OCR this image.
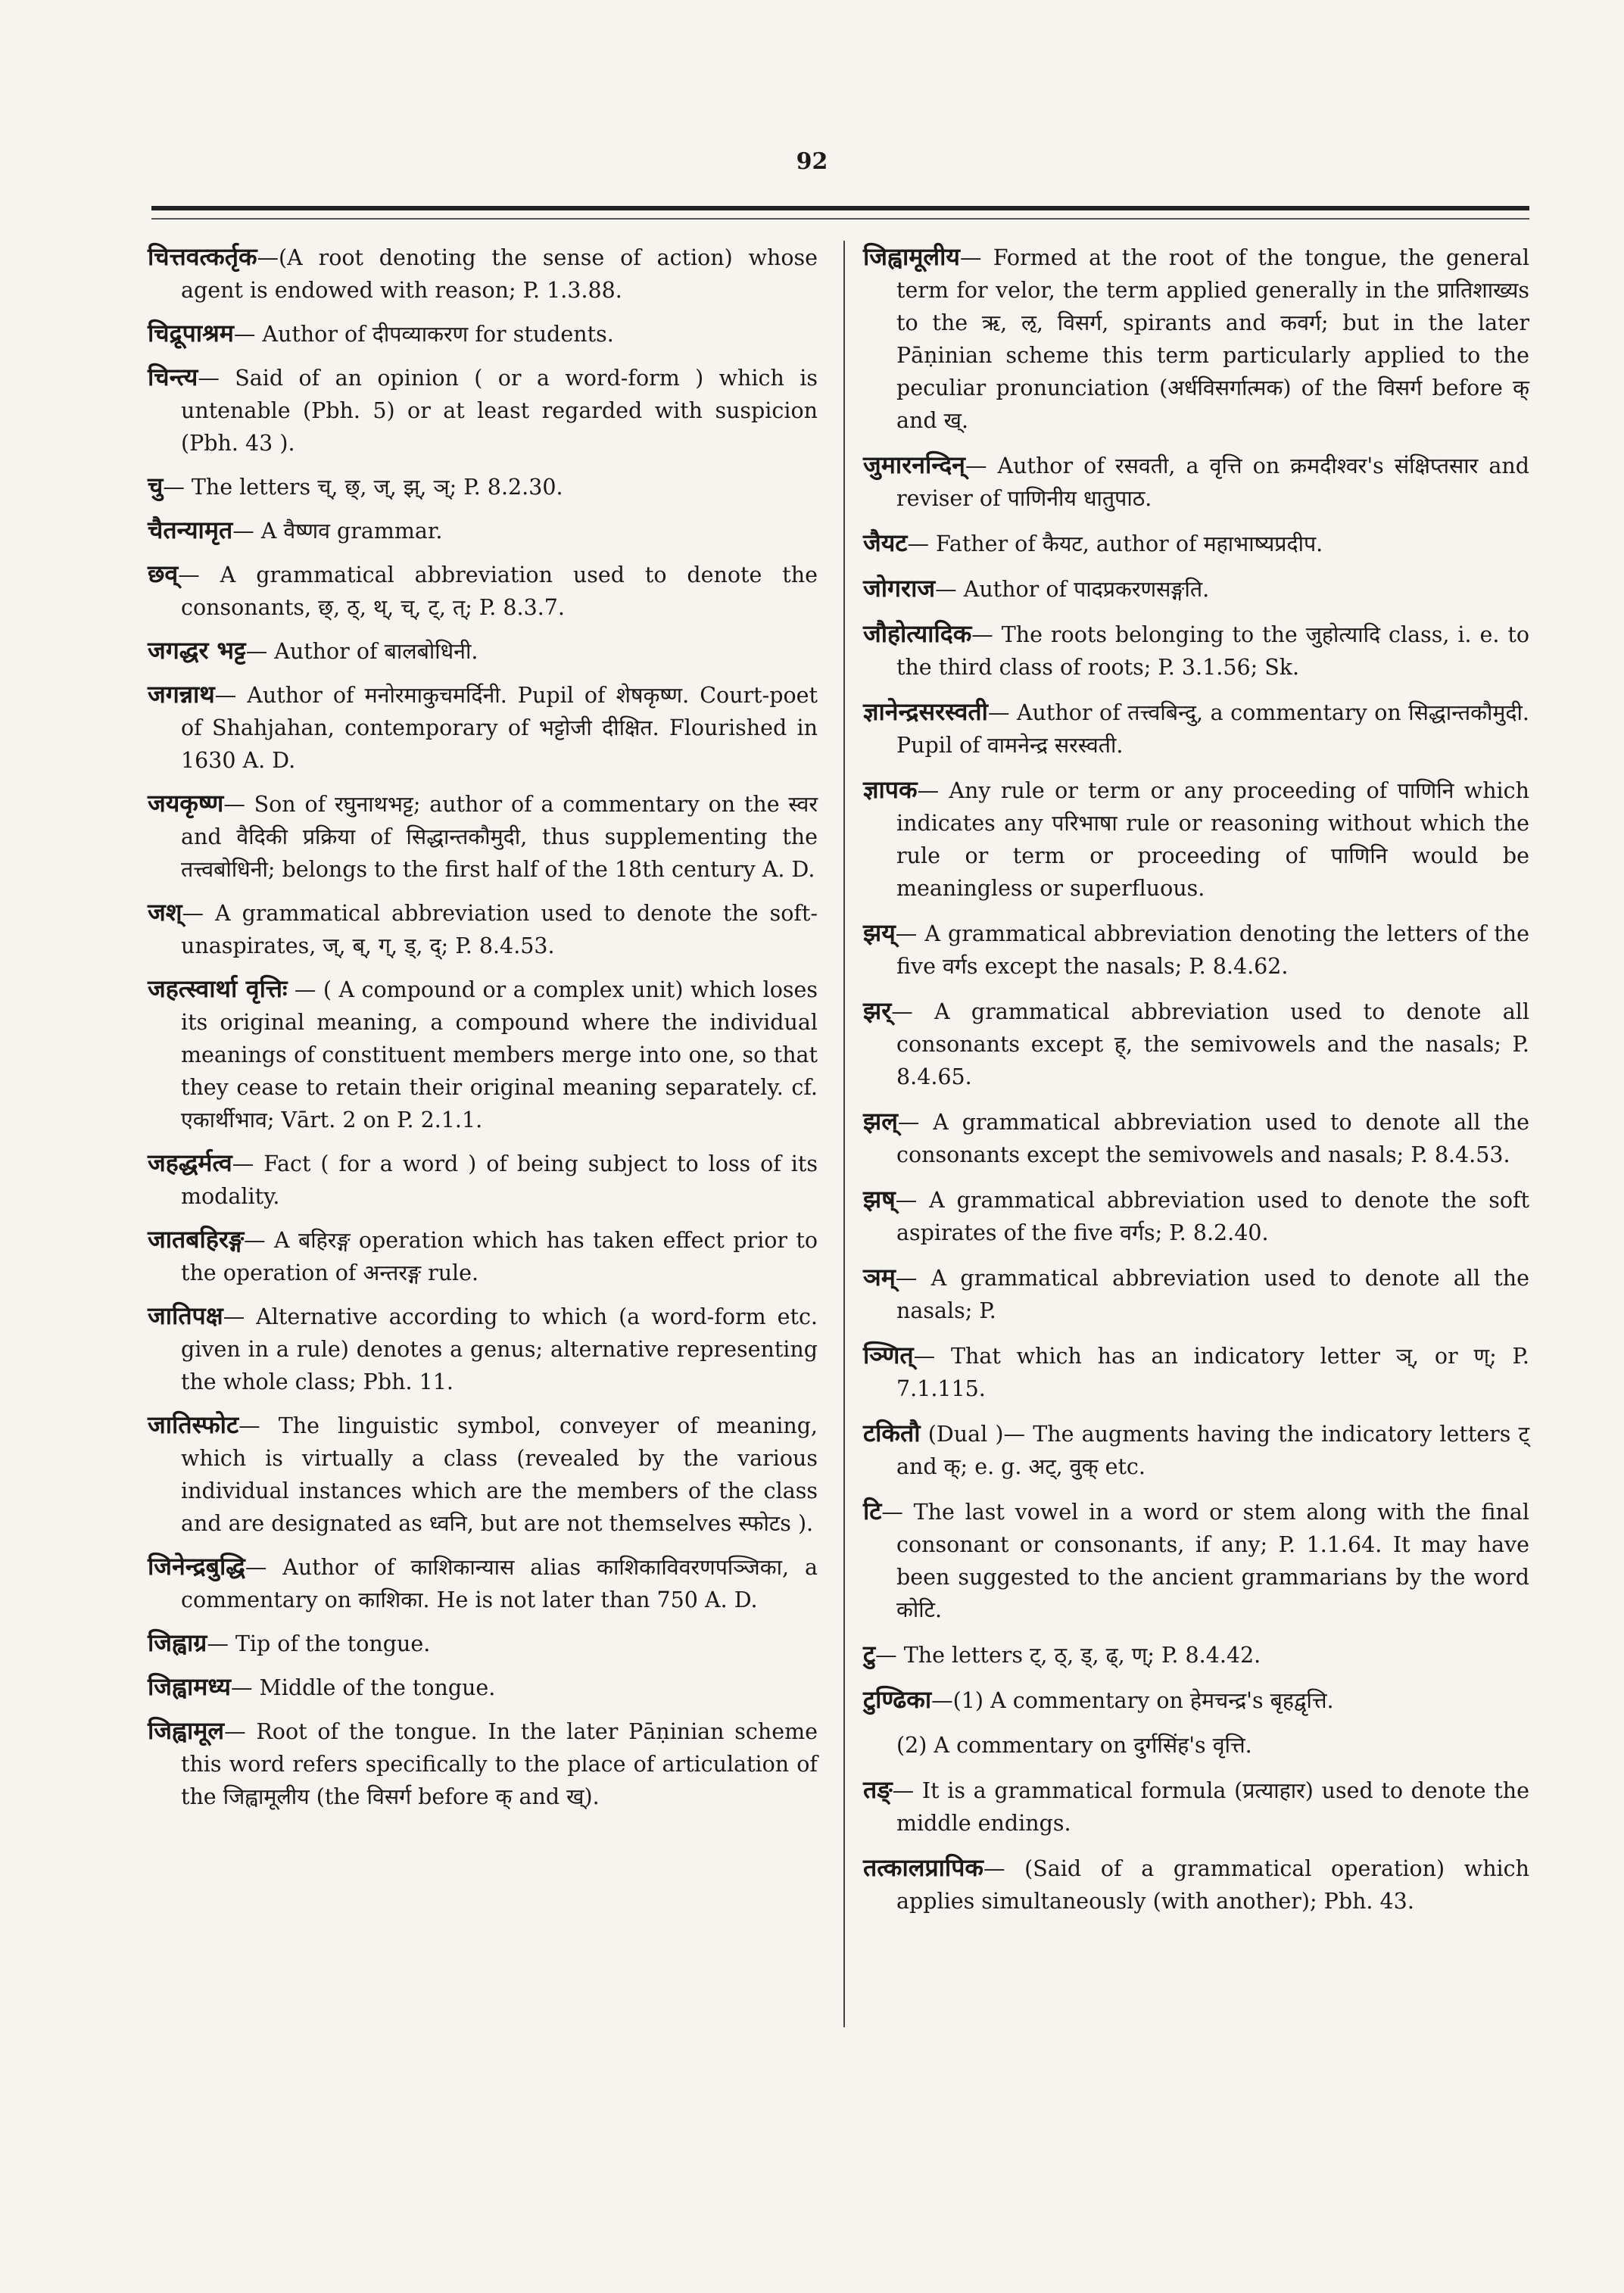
92

चित्तवत्कर्तृक—(A root denoting the sense of action) whose agent is endowed with reason; P. 1.3.88.

चिद्रूपाश्रम— Author of दीपव्याकरण for students.

चिन्त्य— Said of an opinion ( or a word-form ) which is untenable (Pbh. 5) or at least regarded with suspicion (Pbh. 43 ).

चु— The letters च्, छ्, ज्, झ्, ञ्; P. 8.2.30.

चैतन्यामृत— A वैष्णव grammar.

छव्— A grammatical abbreviation used to denote the consonants, छ्, ठ्, थ्, च्, ट्, त्; P. 8.3.7.

जगद्धर भट्ट— Author of बालबोधिनी.

जगन्नाथ— Author of मनोरमाकुचमर्दिनी. Pupil of शेषकृष्ण. Court-poet of Shahjahan, contemporary of भट्टोजी दीक्षित. Flourished in 1630 A. D.

जयकृष्ण— Son of रघुनाथभट्ट; author of a commentary on the स्वर and वैदिकी प्रक्रिया of सिद्धान्तकौमुदी, thus supplementing the तत्त्वबोधिनी; belongs to the first half of the 18th century A. D.

जश्— A grammatical abbreviation used to denote the soft-unaspirates, ज्, ब्, ग्, ड्, द्; P. 8.4.53.

जहत्स्वार्था वृत्तिः — ( A compound or a complex unit) which loses its original meaning, a compound where the individual meanings of constituent members merge into one, so that they cease to retain their original meaning separately. cf. एकार्थीभाव; Vārt. 2 on P. 2.1.1.

जहद्धर्मत्व— Fact ( for a word ) of being subject to loss of its modality.

जातबहिरङ्ग— A बहिरङ्ग operation which has taken effect prior to the operation of अन्तरङ्ग rule.

जातिपक्ष— Alternative according to which (a word-form etc. given in a rule) denotes a genus; alternative representing the whole class; Pbh. 11.

जातिस्फोट— The linguistic symbol, conveyer of meaning, which is virtually a class (revealed by the various individual instances which are the members of the class and are designated as ध्वनि, but are not themselves स्फोटs ).

जिनेन्द्रबुद्धि— Author of काशिकान्यास alias काशिकाविवरणपञ्जिका, a commentary on काशिका. He is not later than 750 A. D.

जिह्वाग्र— Tip of the tongue.

जिह्वामध्य— Middle of the tongue.

जिह्वामूल— Root of the tongue. In the later Pāṇinian scheme this word refers specifically to the place of articulation of the जिह्वामूलीय (the विसर्ग before क् and ख्).

जिह्वामूलीय— Formed at the root of the tongue, the general term for velor, the term applied generally in the प्रातिशाख्यs to the ऋ, ऌ, विसर्ग, spirants and कवर्ग; but in the later Pāṇinian scheme this term particularly applied to the peculiar pronunciation (अर्धविसर्गात्मक) of the विसर्ग before क् and ख्.

जुमारनन्दिन्— Author of रसवती, a वृत्ति on क्रमदीश्वर's संक्षिप्तसार and reviser of पाणिनीय धातुपाठ.

जैयट— Father of कैयट, author of महाभाष्यप्रदीप.

जोगराज— Author of पादप्रकरणसङ्गति.

जौहोत्यादिक— The roots belonging to the जुहोत्यादि class, i. e. to the third class of roots; P. 3.1.56; Sk.

ज्ञानेन्द्रसरस्वती— Author of तत्त्वबिन्दु, a commentary on सिद्धान्तकौमुदी. Pupil of वामनेन्द्र सरस्वती.

ज्ञापक— Any rule or term or any proceeding of पाणिनि which indicates any परिभाषा rule or reasoning without which the rule or term or proceeding of पाणिनि would be meaningless or superfluous.

झय्— A grammatical abbreviation denoting the letters of the five वर्गs except the nasals; P. 8.4.62.

झर्— A grammatical abbreviation used to denote all consonants except ह्, the semivowels and the nasals; P. 8.4.65.

झल्— A grammatical abbreviation used to denote all the consonants except the semivowels and nasals; P. 8.4.53.

झष्— A grammatical abbreviation used to denote the soft aspirates of the five वर्गs; P. 8.2.40.

ञम्— A grammatical abbreviation used to denote all the nasals; P.

ञ्णित्— That which has an indicatory letter ञ्, or ण्; P. 7.1.115.

टकितौ (Dual )— The augments having the indicatory letters ट् and क्; e. g. अट्, वुक् etc.

टि— The last vowel in a word or stem along with the final consonant or consonants, if any; P. 1.1.64. It may have been suggested to the ancient grammarians by the word कोटि.

टु— The letters ट्, ठ्, ड्, ढ्, ण्; P. 8.4.42.

टुण्ढिका—(1) A commentary on हेमचन्द्र's बृहद्वृत्ति.

(2) A commentary on दुर्गसिंह's वृत्ति.

तङ्— It is a grammatical formula (प्रत्याहार) used to denote the middle endings.

तत्कालप्रापिक— (Said of a grammatical operation) which applies simultaneously (with another); Pbh. 43.
